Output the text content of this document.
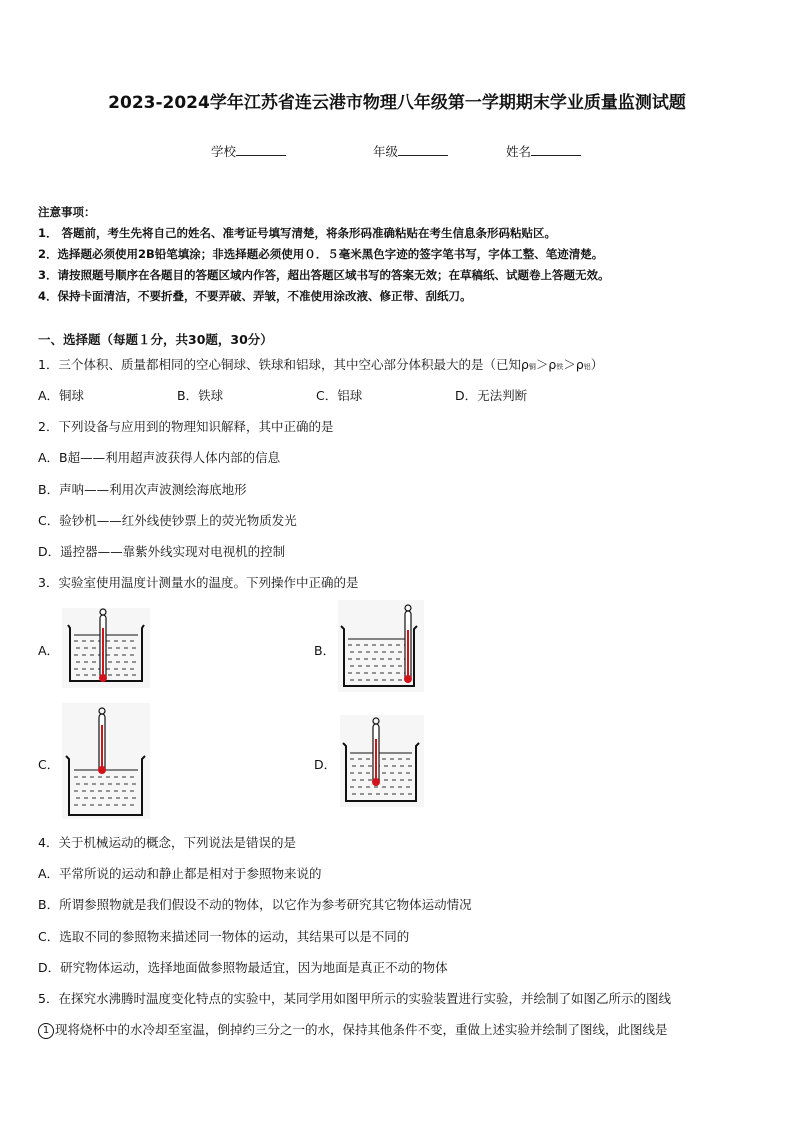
2023-2024学年江苏省连云港市物理八年级第一学期期末学业质量监测试题
学校	年级	姓名
注意事项：
1． 答题前，考生先将自己的姓名、准考证号填写清楚，将条形码准确粘贴在考生信息条形码粘贴区。
2．选择题必须使用2B铅笔填涂；非选择题必须使用０．５毫米黑色字迹的签字笔书写，字体工整、笔迹清楚。
3．请按照题号顺序在各题目的答题区域内作答，超出答题区域书写的答案无效；在草稿纸、试题卷上答题无效。
4．保持卡面清洁，不要折叠，不要弄破、弄皱，不准使用涂改液、修正带、刮纸刀。
一、选择题（每题１分，共30题，30分）
1．三个体积、质量都相同的空心铜球、铁球和铝球，其中空心部分体积最大的是（已知ρ铜＞ρ铁＞ρ铝）
A．铜球	B．铁球	C．铝球	D．无法判断
2．下列设备与应用到的物理知识解释，其中正确的是
A．B超——利用超声波获得人体内部的信息
B．声呐——利用次声波测绘海底地形
C．验钞机——红外线使钞票上的荧光物质发光
D．遥控器——靠紫外线实现对电视机的控制
3．实验室使用温度计测量水的温度。下列操作中正确的是
A．	B．
C．	D．
4．关于机械运动的概念，下列说法是错误的是
A．平常所说的运动和静止都是相对于参照物来说的
B．所谓参照物就是我们假设不动的物体，以它作为参考研究其它物体运动情况
C．选取不同的参照物来描述同一物体的运动，其结果可以是不同的
D．研究物体运动，选择地面做参照物最适宜，因为地面是真正不动的物体
5．在探究水沸腾时温度变化特点的实验中，某同学用如图甲所示的实验装置进行实验，并绘制了如图乙所示的图线
1 现将烧杯中的水冷却至室温，倒掉约三分之一的水，保持其他条件不变，重做上述实验并绘制了图线，此图线是
